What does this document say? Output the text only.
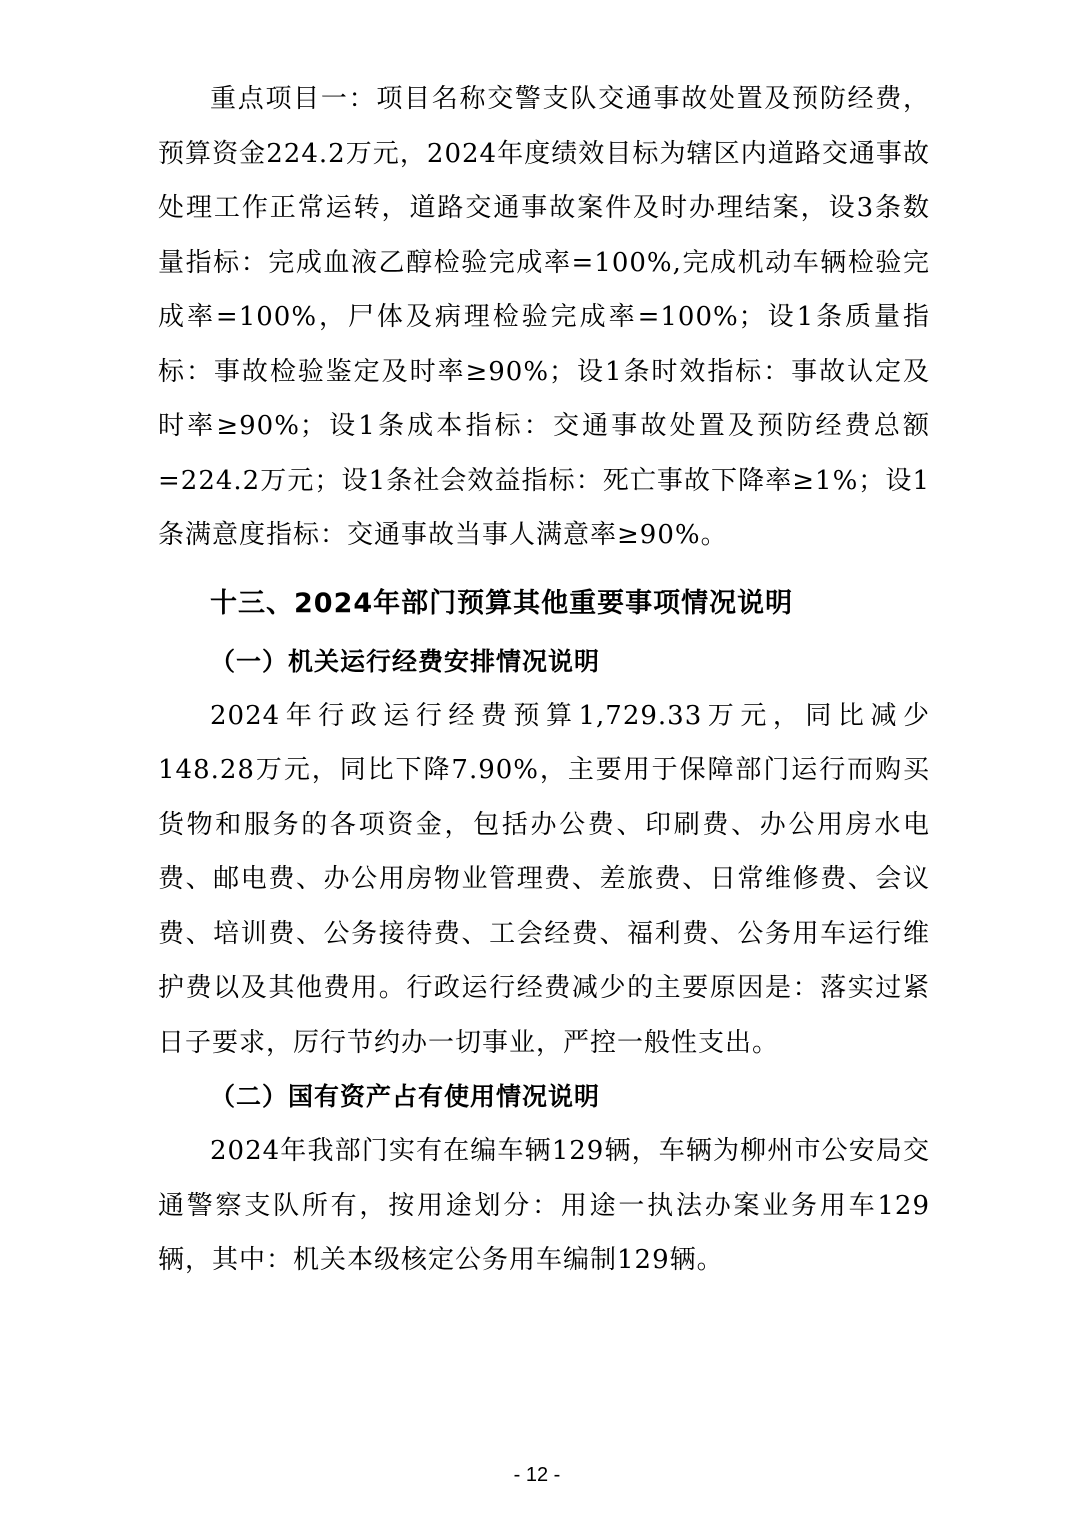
重点项目一：项目名称交警支队交通事故处置及预防经费，预算资金224.2万元，2024年度绩效目标为辖区内道路交通事故处理工作正常运转，道路交通事故案件及时办理结案，设3条数量指标：完成血液乙醇检验完成率=100%,完成机动车辆检验完成率=100%，尸体及病理检验完成率=100%；设1条质量指标：事故检验鉴定及时率≥90%；设1条时效指标：事故认定及时率≥90%；设1条成本指标：交通事故处置及预防经费总额=224.2万元；设1条社会效益指标：死亡事故下降率≥1%；设1条满意度指标：交通事故当事人满意率≥90%。

十三、2024年部门预算其他重要事项情况说明
（一）机关运行经费安排情况说明

2024年行政运行经费预算1,729.33万元，同比减少148.28万元，同比下降7.90%，主要用于保障部门运行而购买货物和服务的各项资金，包括办公费、印刷费、办公用房水电费、邮电费、办公用房物业管理费、差旅费、日常维修费、会议费、培训费、公务接待费、工会经费、福利费、公务用车运行维护费以及其他费用。行政运行经费减少的主要原因是：落实过紧日子要求，厉行节约办一切事业，严控一般性支出。

（二）国有资产占有使用情况说明

2024年我部门实有在编车辆129辆，车辆为柳州市公安局交通警察支队所有，按用途划分：用途一执法办案业务用车129辆，其中：机关本级核定公务用车编制129辆。

- 12 -
